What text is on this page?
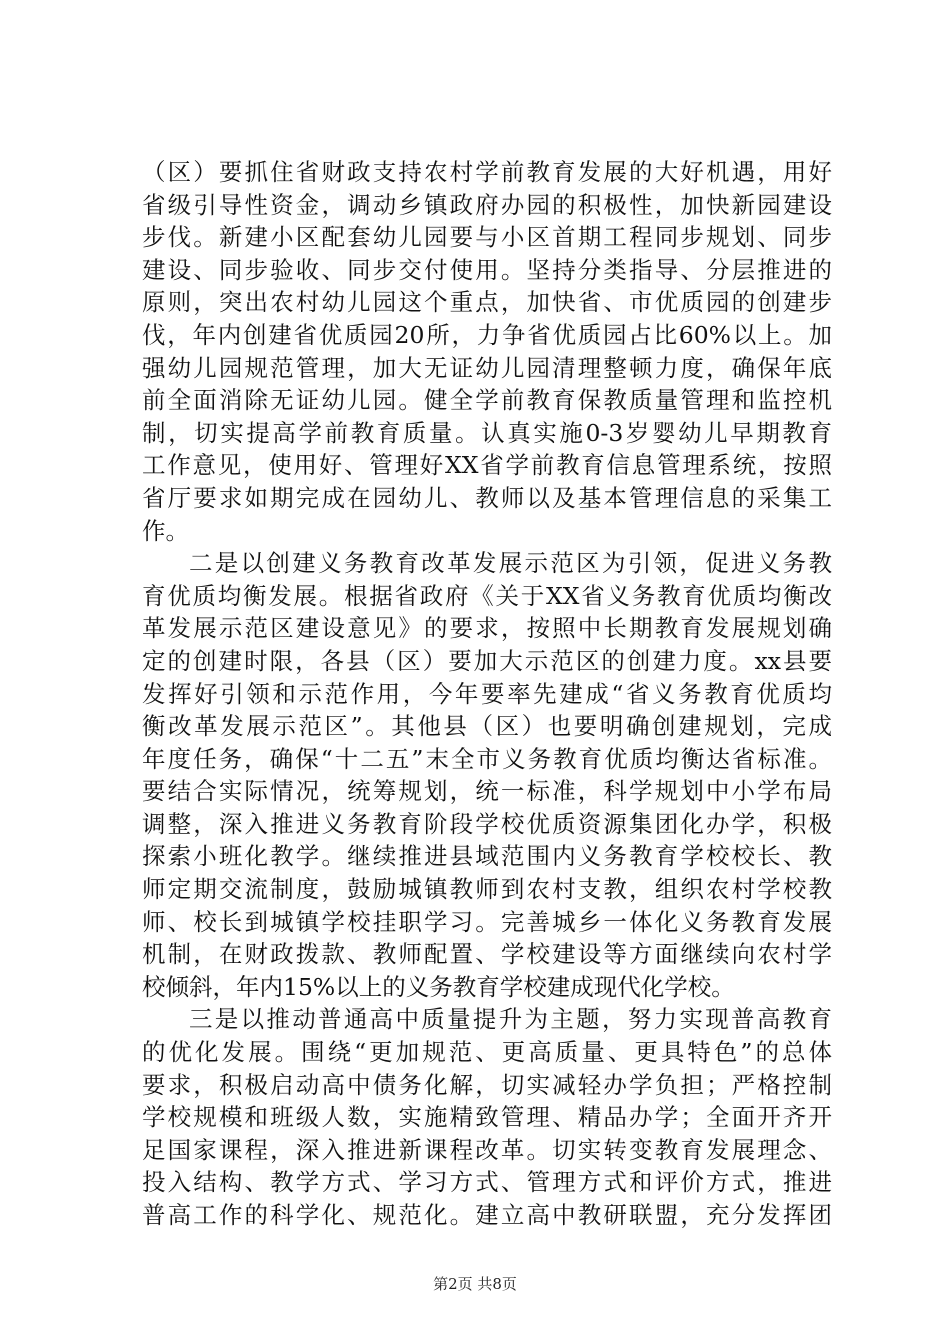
（区）要抓住省财政支持农村学前教育发展的大好机遇，用好
省级引导性资金，调动乡镇政府办园的积极性，加快新园建设
步伐。新建小区配套幼儿园要与小区首期工程同步规划、同步
建设、同步验收、同步交付使用。坚持分类指导、分层推进的
原则，突出农村幼儿园这个重点，加快省、市优质园的创建步
伐，年内创建省优质园20所，力争省优质园占比60%以上。加
强幼儿园规范管理，加大无证幼儿园清理整顿力度，确保年底
前全面消除无证幼儿园。健全学前教育保教质量管理和监控机
制，切实提高学前教育质量。认真实施0-3岁婴幼儿早期教育
工作意见，使用好、管理好XX省学前教育信息管理系统，按照
省厅要求如期完成在园幼儿、教师以及基本管理信息的采集工
作。
二是以创建义务教育改革发展示范区为引领，促进义务教
育优质均衡发展。根据省政府《关于XX省义务教育优质均衡改
革发展示范区建设意见》的要求，按照中长期教育发展规划确
定的创建时限，各县（区）要加大示范区的创建力度。xx县要
发挥好引领和示范作用，今年要率先建成“省义务教育优质均
衡改革发展示范区”。其他县（区）也要明确创建规划，完成
年度任务，确保“十二五”末全市义务教育优质均衡达省标准。
要结合实际情况，统筹规划，统一标准，科学规划中小学布局
调整，深入推进义务教育阶段学校优质资源集团化办学，积极
探索小班化教学。继续推进县域范围内义务教育学校校长、教
师定期交流制度，鼓励城镇教师到农村支教，组织农村学校教
师、校长到城镇学校挂职学习。完善城乡一体化义务教育发展
机制，在财政拨款、教师配置、学校建设等方面继续向农村学
校倾斜，年内15%以上的义务教育学校建成现代化学校。
三是以推动普通高中质量提升为主题，努力实现普高教育
的优化发展。围绕“更加规范、更高质量、更具特色”的总体
要求，积极启动高中债务化解，切实减轻办学负担；严格控制
学校规模和班级人数，实施精致管理、精品办学；全面开齐开
足国家课程，深入推进新课程改革。切实转变教育发展理念、
投入结构、教学方式、学习方式、管理方式和评价方式，推进
普高工作的科学化、规范化。建立高中教研联盟，充分发挥团
第2页 共8页
